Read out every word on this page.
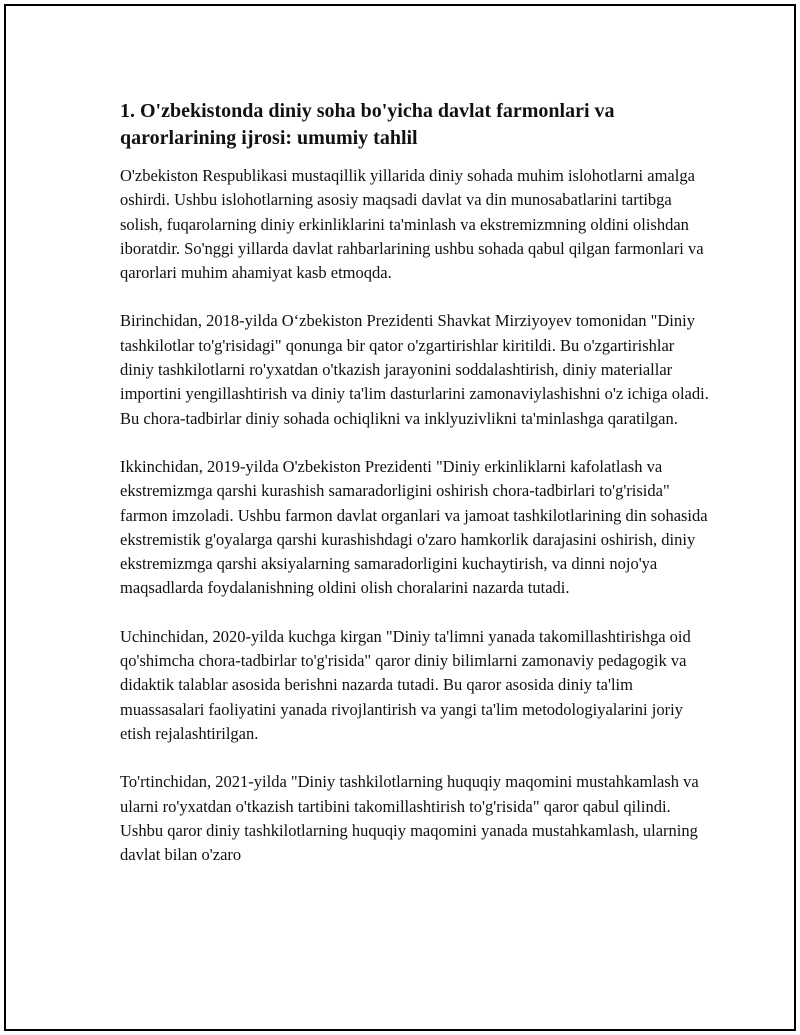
1. O'zbekistonda diniy soha bo'yicha davlat farmonlari va qarorlarining ijrosi: umumiy tahlil

O'zbekiston Respublikasi mustaqillik yillarida diniy sohada muhim islohotlarni amalga oshirdi. Ushbu islohotlarning asosiy maqsadi davlat va din munosabatlarini tartibga solish, fuqarolarning diniy erkinliklarini ta'minlash va ekstremizmning oldini olishdan iboratdir. So'nggi yillarda davlat rahbarlarining ushbu sohada qabul qilgan farmonlari va qarorlari muhim ahamiyat kasb etmoqda.

Birinchidan, 2018-yilda O‘zbekiston Prezidenti Shavkat Mirziyoyev tomonidan "Diniy tashkilotlar to'g'risidagi" qonunga bir qator o'zgartirishlar kiritildi. Bu o'zgartirishlar diniy tashkilotlarni ro'yxatdan o'tkazish jarayonini soddalashtirish, diniy materiallar importini yengillashtirish va diniy ta'lim dasturlarini zamonaviylashishni o'z ichiga oladi. Bu chora-tadbirlar diniy sohada ochiqlikni va inklyuzivlikni ta'minlashga qaratilgan.

Ikkinchidan, 2019-yilda O'zbekiston Prezidenti "Diniy erkinliklarni kafolatlash va ekstremizmga qarshi kurashish samaradorligini oshirish chora-tadbirlari to'g'risida" farmon imzoladi. Ushbu farmon davlat organlari va jamoat tashkilotlarining din sohasida ekstremistik g'oyalarga qarshi kurashishdagi o'zaro hamkorlik darajasini oshirish, diniy ekstremizmga qarshi aksiyalarning samaradorligini kuchaytirish, va dinni nojo'ya maqsadlarda foydalanishning oldini olish choralarini nazarda tutadi.

Uchinchidan, 2020-yilda kuchga kirgan "Diniy ta'limni yanada takomillashtirishga oid qo'shimcha chora-tadbirlar to'g'risida" qaror diniy bilimlarni zamonaviy pedagogik va didaktik talablar asosida berishni nazarda tutadi. Bu qaror asosida diniy ta'lim muassasalari faoliyatini yanada rivojlantirish va yangi ta'lim metodologiyalarini joriy etish rejalashtirilgan.

To'rtinchidan, 2021-yilda "Diniy tashkilotlarning huquqiy maqomini mustahkamlash va ularni ro'yxatdan o'tkazish tartibini takomillashtirish to'g'risida" qaror qabul qilindi. Ushbu qaror diniy tashkilotlarning huquqiy maqomini yanada mustahkamlash, ularning davlat bilan o'zaro
